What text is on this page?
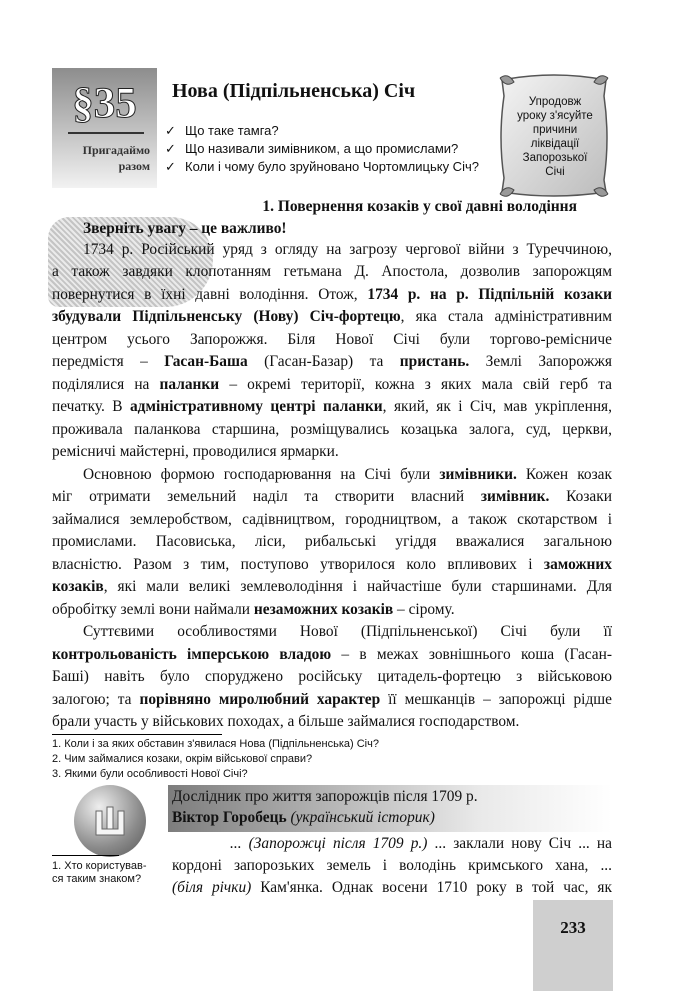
§35
Пригадаймо
разом
Нова (Підпільненська) Січ
✓ Що таке тамга?
✓ Що називали зимівником, а що промислами?
✓ Коли і чому було зруйновано Чортомлицьку Січ?
Упродовж
уроку з'ясуйте
причини
ліквідації
Запорозької
Січі
1. Повернення козаків у свої давні володіння
Зверніть увагу – це важливо!
1734 р. Російський уряд з огляду на загрозу чергової війни з Туреччиною,
а також завдяки клопотанням гетьмана Д. Апостола, дозволив запорожцям
повернутися в їхні давні володіння. Отож, 1734 р. на р. Підпільній козаки
збудували Підпільненську (Нову) Січ-фортецю, яка стала адміністративним
центром усього Запорожжя. Біля Нової Січі були торгово-ремісниче
передмістя – Гасан-Баша (Гасан-Базар) та пристань. Землі Запорожжя
поділялися на паланки – окремі території, кожна з яких мала свій герб та
печатку. В адміністративному центрі паланки, який, як і Січ, мав укріплення,
проживала паланкова старшина, розміщувались козацька залога, суд, церкви,
ремісничі майстерні, проводилися ярмарки.
Основною формою господарювання на Січі були зимівники. Кожен козак
міг отримати земельний наділ та створити власний зимівник. Козаки
займалися землеробством, садівництвом, городництвом, а також скотарством і
промислами. Пасовиська, ліси, рибальські угіддя вважалися загальною
власністю. Разом з тим, поступово утворилося коло впливових і заможних
козаків, які мали великі землеволодіння і найчастіше були старшинами. Для
обробітку землі вони наймали незаможних козаків – сірому.
Суттєвими особливостями Нової (Підпільненської) Січі були її
контрольованість імперською владою – в межах зовнішнього коша (Гасан-
Баші) навіть було споруджено російську цитадель-фортецю з військовою
залогою; та порівняно миролюбний характер її мешканців – запорожці рідше
брали участь у військових походах, а більше займалися господарством.
1. Коли і за яких обставин з'явилася Нова (Підпільненська) Січ?
2. Чим займалися козаки, окрім військової справи?
3. Якими були особливості Нової Січі?
1. Хто користував-
ся таким знаком?
Дослідник про життя запорожців після 1709 р.
Віктор Горобець (український історик)
... (Запорожці після 1709 р.) ... заклали нову Січ ... на
кордоні запорозьких земель і володінь кримського хана, ...
(біля річки) Кам'янка. Однак восени 1710 року в той час, як
233
